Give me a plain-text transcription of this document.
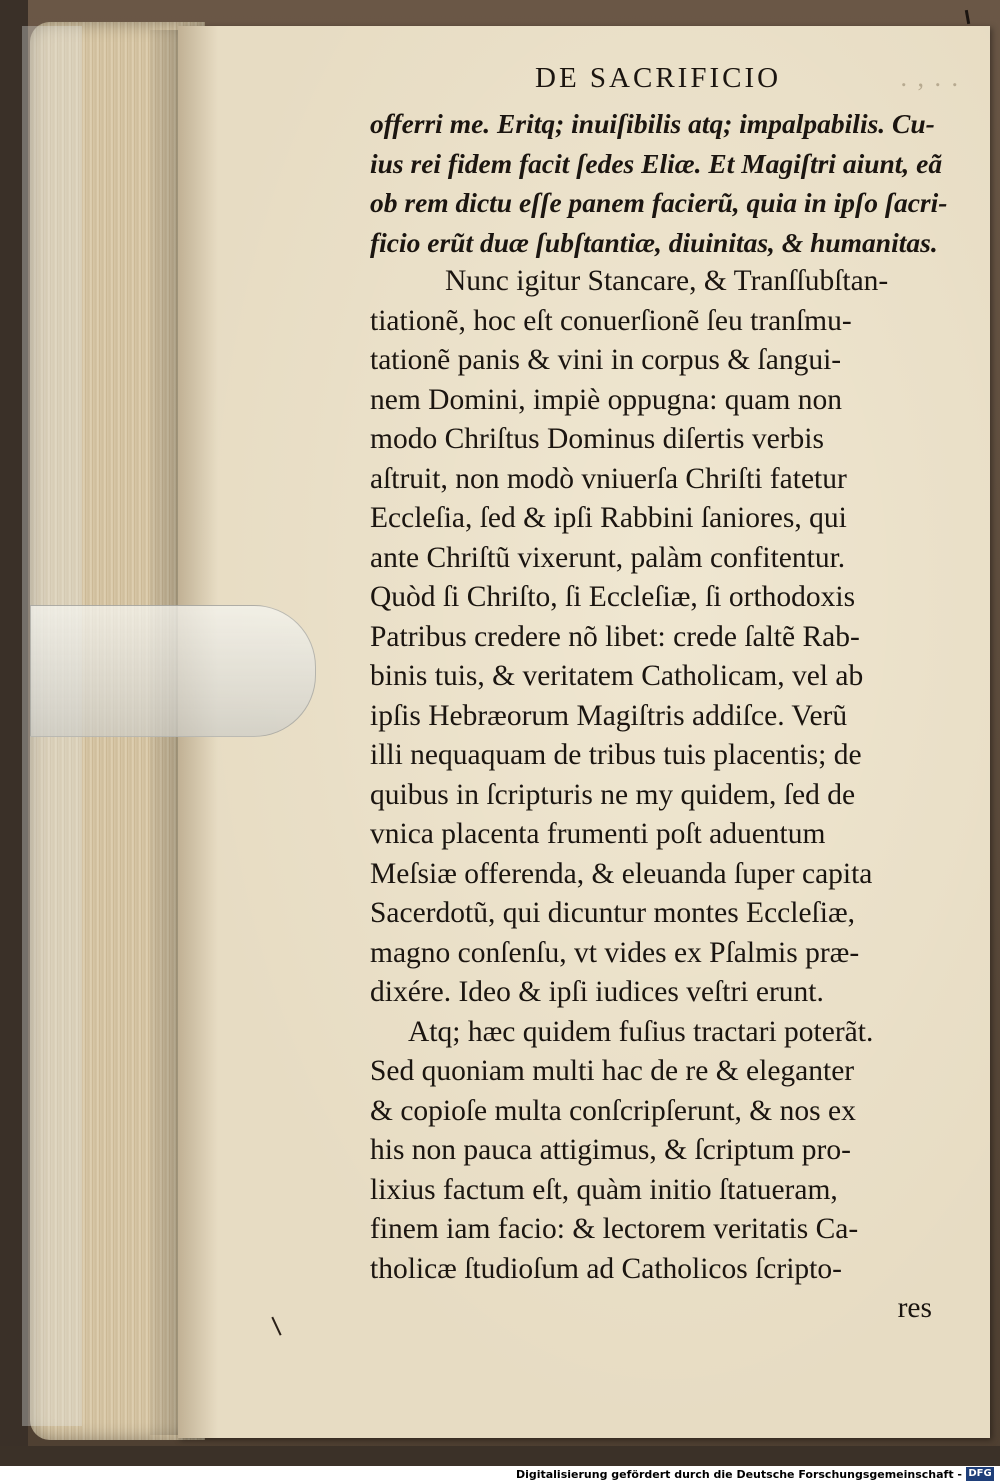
DE SACRIFICIO	. , . .
offerri me. Eritq; inuiſibilis atq; impalpabilis. Cu-
ius rei fidem facit ſedes Eliæ. Et Magiſtri aiunt, eã
ob rem dictu eſſe panem facierũ, quia in ipſo ſacri-
ficio erũt duæ ſubſtantiæ, diuinitas, & humanitas.
Nunc igitur Stancare, & Tranſſubſtan-
tiationẽ, hoc eſt conuerſionẽ ſeu tranſmu-
tationẽ panis & vini in corpus & ſangui-
nem Domini, impiè oppugna: quam non
modo Chriſtus Dominus diſertis verbis
aſtruit, non modò vniuerſa Chriſti fatetur
Eccleſia, ſed & ipſi Rabbini ſaniores, qui
ante Chriſtũ vixerunt, palàm confitentur.
Quòd ſi Chriſto, ſi Eccleſiæ, ſi orthodoxis
Patribus credere nõ libet: crede ſaltẽ Rab-
binis tuis, & veritatem Catholicam, vel ab
ipſis Hebræorum Magiſtris addiſce. Verũ
illi nequaquam de tribus tuis placentis; de
quibus in ſcripturis ne my quidem, ſed de
vnica placenta frumenti poſt aduentum
Meſsiæ offerenda, & eleuanda ſuper capita
Sacerdotũ, qui dicuntur montes Eccleſiæ,
magno conſenſu, vt vides ex Pſalmis præ-
dixére. Ideo & ipſi iudices veſtri erunt.
Atq; hæc quidem fuſius tractari poterãt.
Sed quoniam multi hac de re & eleganter
& copioſe multa conſcripſerunt, & nos ex
his non pauca attigimus, & ſcriptum pro-
lixius factum eſt, quàm initio ſtatueram,
finem iam facio: & lectorem veritatis Ca-
tholicæ ſtudioſum ad Catholicos ſcripto-
res
Digitalisierung gefördert durch die Deutsche Forschungsgemeinschaft - DFG
